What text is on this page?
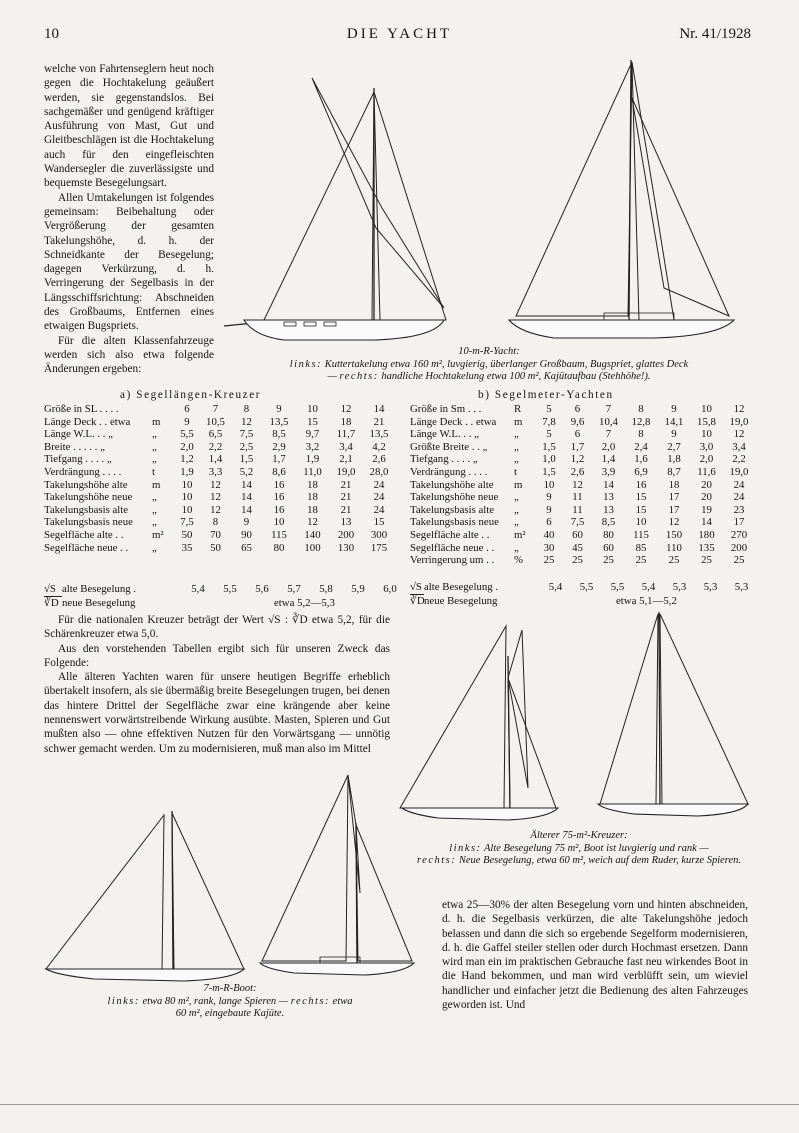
10	DIE YACHT	Nr. 41/1928

welche von Fahrtenseglern heut noch gegen die Hochtakelung geäußert werden, sie gegenstandslos. Bei sachgemäßer und genügend kräftiger Ausführung von Mast, Gut und Gleitbeschlägen ist die Hochtakelung auch für den eingefleischten Wandersegler die zuverlässigste und bequemste Besegelungsart.

Allen Umtakelungen ist folgendes gemeinsam: Beibehaltung oder Vergrößerung der gesamten Takelungshöhe, d. h. der Schneidkante der Besegelung; dagegen Verkürzung, d. h. Verringerung der Segelbasis in der Längsschiffsrichtung: Abschneiden des Großbaums, Entfernen eines etwaigen Bugspriets.

Für die alten Klassenfahrzeuge werden sich also etwa folgende Änderungen ergeben:

10-m-R-Yacht:
links: Kuttertakelung etwa 160 m², luvgierig, überlanger Großbaum, Bugspriet, glattes Deck
— rechts: handliche Hochtakelung etwa 100 m², Kajütaufbau (Stehhöhe!).
a) Segellängen-Kreuzer
Größe in SL . . . .		6	7	8	9	10	12	14
Länge Deck . . etwa	m	9	10,5	12	13,5	15	18	21
Länge W.L. . . „	„	5,5	6,5	7,5	8,5	9,7	11,7	13,5
Breite . . . . . „	„	2,0	2,2	2,5	2,9	3,2	3,4	4,2
Tiefgang . . . . „	„	1,2	1,4	1,5	1,7	1,9	2,1	2,6
Verdrängung . . . .	t	1,9	3,3	5,2	8,6	11,0	19,0	28,0
Takelungshöhe alte	m	10	12	14	16	18	21	24
Takelungshöhe neue	„	10	12	14	16	18	21	24
Takelungsbasis alte	„	10	12	14	16	18	21	24
Takelungsbasis neue	„	7,5	8	9	10	12	13	15
Segelfläche alte . .	m²	50	70	90	115	140	200	300
Segelfläche neue . .	„	35	50	65	80	100	130	175
b) Segelmeter-Yachten
Größe in Sm . . .	R	5	6	7	8	9	10	12
Länge Deck . . etwa	m	7,8	9,6	10,4	12,8	14,1	15,8	19,0
Länge W.L. . . „	„	5	6	7	8	9	10	12
Größte Breite . . „	„	1,5	1,7	2,0	2,4	2,7	3,0	3,4
Tiefgang . . . . „	„	1,0	1,2	1,4	1,6	1,8	2,0	2,2
Verdrängung . . . .	t	1,5	2,6	3,9	6,9	8,7	11,6	19,0
Takelungshöhe alte	m	10	12	14	16	18	20	24
Takelungshöhe neue	„	9	11	13	15	17	20	24
Takelungsbasis alte	„	9	11	13	15	17	19	23
Takelungsbasis neue	„	6	7,5	8,5	10	12	14	17
Segelfläche alte . .	m²	40	60	80	115	150	180	270
Segelfläche neue . .	„	30	45	60	85	110	135	200
Verringerung um . .	%	25	25	25	25	25	25	25
√S alte Besegelung .	5,4	5,5	5,6	5,7	5,8	5,9	6,0
∛D neue Besegelung	etwa 5,2—5,3
√S alte Besegelung .	5,4	5,5	5,5	5,4	5,3	5,3	5,3
∛D neue Besegelung	etwa 5,1—5,2

Für die nationalen Kreuzer beträgt der Wert √S : ∛D etwa 5,2, für die Schärenkreuzer etwa 5,0.

Aus den vorstehenden Tabellen ergibt sich für unseren Zweck das Folgende:

Alle älteren Yachten waren für unsere heutigen Begriffe erheblich übertakelt insofern, als sie übermäßig breite Besegelungen trugen, bei denen das hintere Drittel der Segelfläche zwar eine krängende aber keine nennenswert vorwärtstreibende Wirkung ausübte. Masten, Spieren und Gut mußten also — ohne effektiven Nutzen für den Vorwärtsgang — unnötig schwer gemacht werden. Um zu modernisieren, muß man also im Mittel

Älterer 75-m²-Kreuzer:
links: Alte Besegelung 75 m², Boot ist luvgierig und rank —
rechts: Neue Besegelung, etwa 60 m², weich auf dem Ruder, kurze Spieren.
7-m-R-Boot:
links: etwa 80 m², rank, lange Spieren — rechts: etwa
60 m², eingebaute Kajüte.

etwa 25—30% der alten Besegelung vorn und hinten abschneiden, d. h. die Segelbasis verkürzen, die alte Takelungshöhe jedoch belassen und dann die sich so ergebende Segelform modernisieren, d. h. die Gaffel steiler stellen oder durch Hochmast ersetzen. Dann wird man ein im praktischen Gebrauche fast neu wirkendes Boot in die Hand bekommen, und man wird verblüfft sein, um wieviel handlicher und einfacher jetzt die Bedienung des alten Fahrzeuges geworden ist. Und
